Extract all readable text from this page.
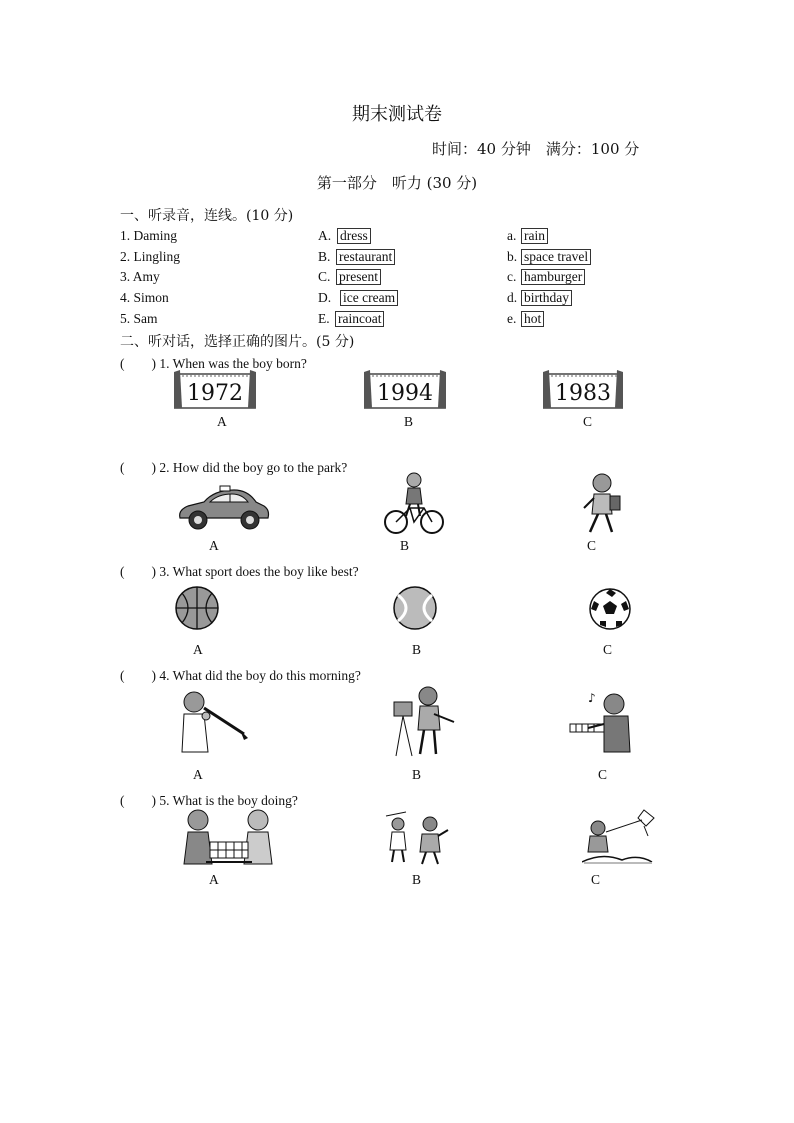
期末测试卷
时间：40 分钟　满分：100 分
第一部分　听力 (30 分)
一、听录音，连线。(10 分)
1. Daming	A. dress	a. rain
2. Lingling	B. restaurant	b. space travel
3. Amy	C. present	c. hamburger
4. Simon	D. ice cream	d. birthday
5. Sam	E. raincoat	e. hot
二、听对话，选择正确的图片。(5 分)
(　　) 1. When was the boy born?
1972	1994	1983
A	B	C
(　　) 2. How did the boy go to the park?
A	B	C
(　　) 3. What sport does the boy like best?
A	B	C
(　　) 4. What did the boy do this morning?
♪
A	B	C
(　　) 5. What is the boy doing?
A	B	C
